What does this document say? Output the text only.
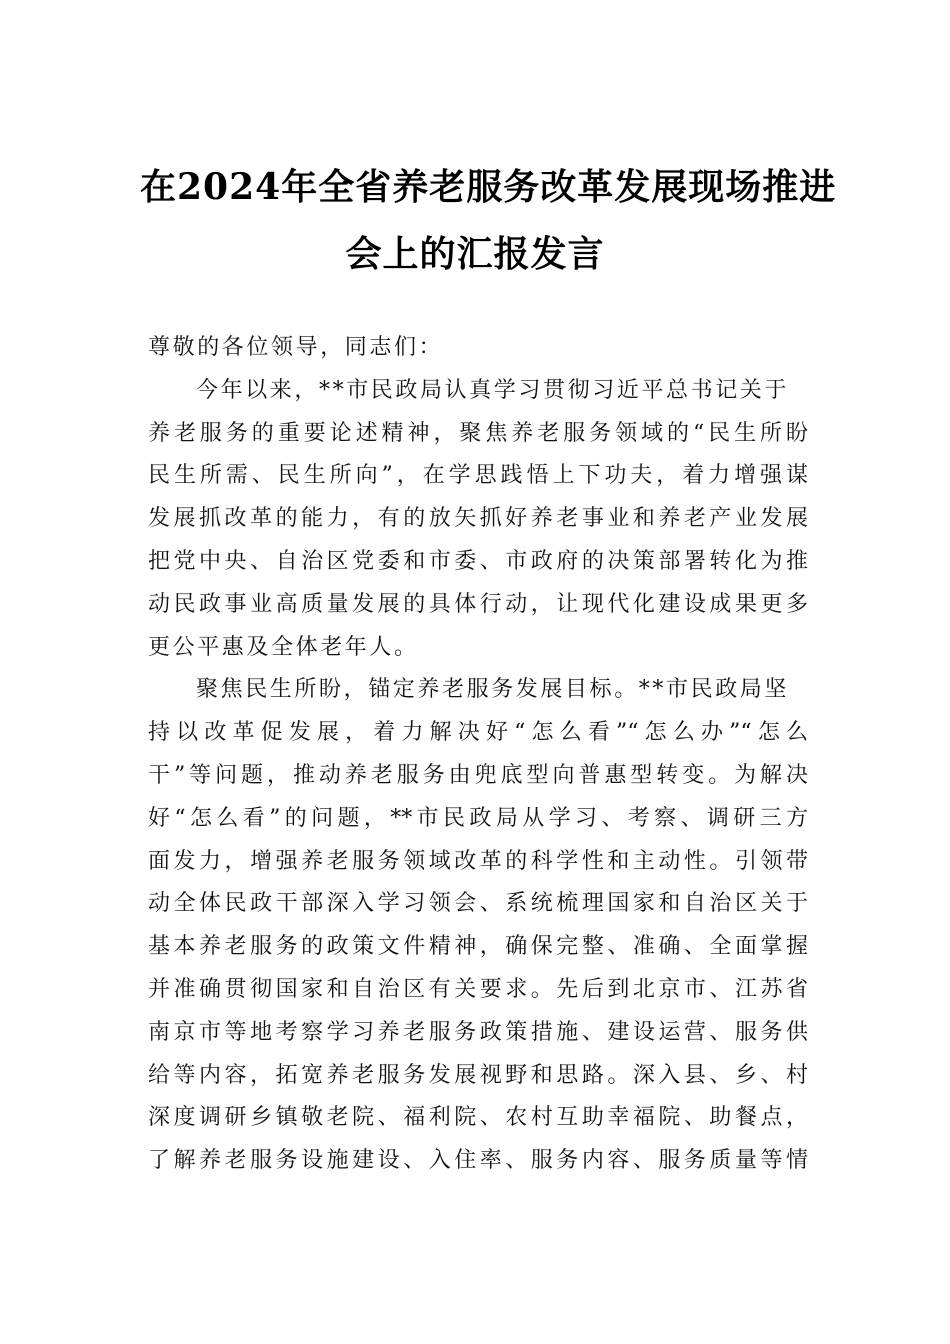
在2024年全省养老服务改革发展现场推进
会上的汇报发言
尊敬的各位领导，同志们：
今年以来，**市民政局认真学习贯彻习近平总书记关于
养老服务的重要论述精神，聚焦养老服务领域的“民生所盼
民生所需、民生所向”，在学思践悟上下功夫，着力增强谋
发展抓改革的能力，有的放矢抓好养老事业和养老产业发展
把党中央、自治区党委和市委、市政府的决策部署转化为推
动民政事业高质量发展的具体行动，让现代化建设成果更多
更公平惠及全体老年人。
聚焦民生所盼，锚定养老服务发展目标。**市民政局坚
持以改革促发展，着力解决好“怎么看”“怎么办”“怎么
干”等问题，推动养老服务由兜底型向普惠型转变。为解决
好“怎么看”的问题，**市民政局从学习、考察、调研三方
面发力，增强养老服务领域改革的科学性和主动性。引领带
动全体民政干部深入学习领会、系统梳理国家和自治区关于
基本养老服务的政策文件精神，确保完整、准确、全面掌握
并准确贯彻国家和自治区有关要求。先后到北京市、江苏省
南京市等地考察学习养老服务政策措施、建设运营、服务供
给等内容，拓宽养老服务发展视野和思路。深入县、乡、村
深度调研乡镇敬老院、福利院、农村互助幸福院、助餐点，
了解养老服务设施建设、入住率、服务内容、服务质量等情
